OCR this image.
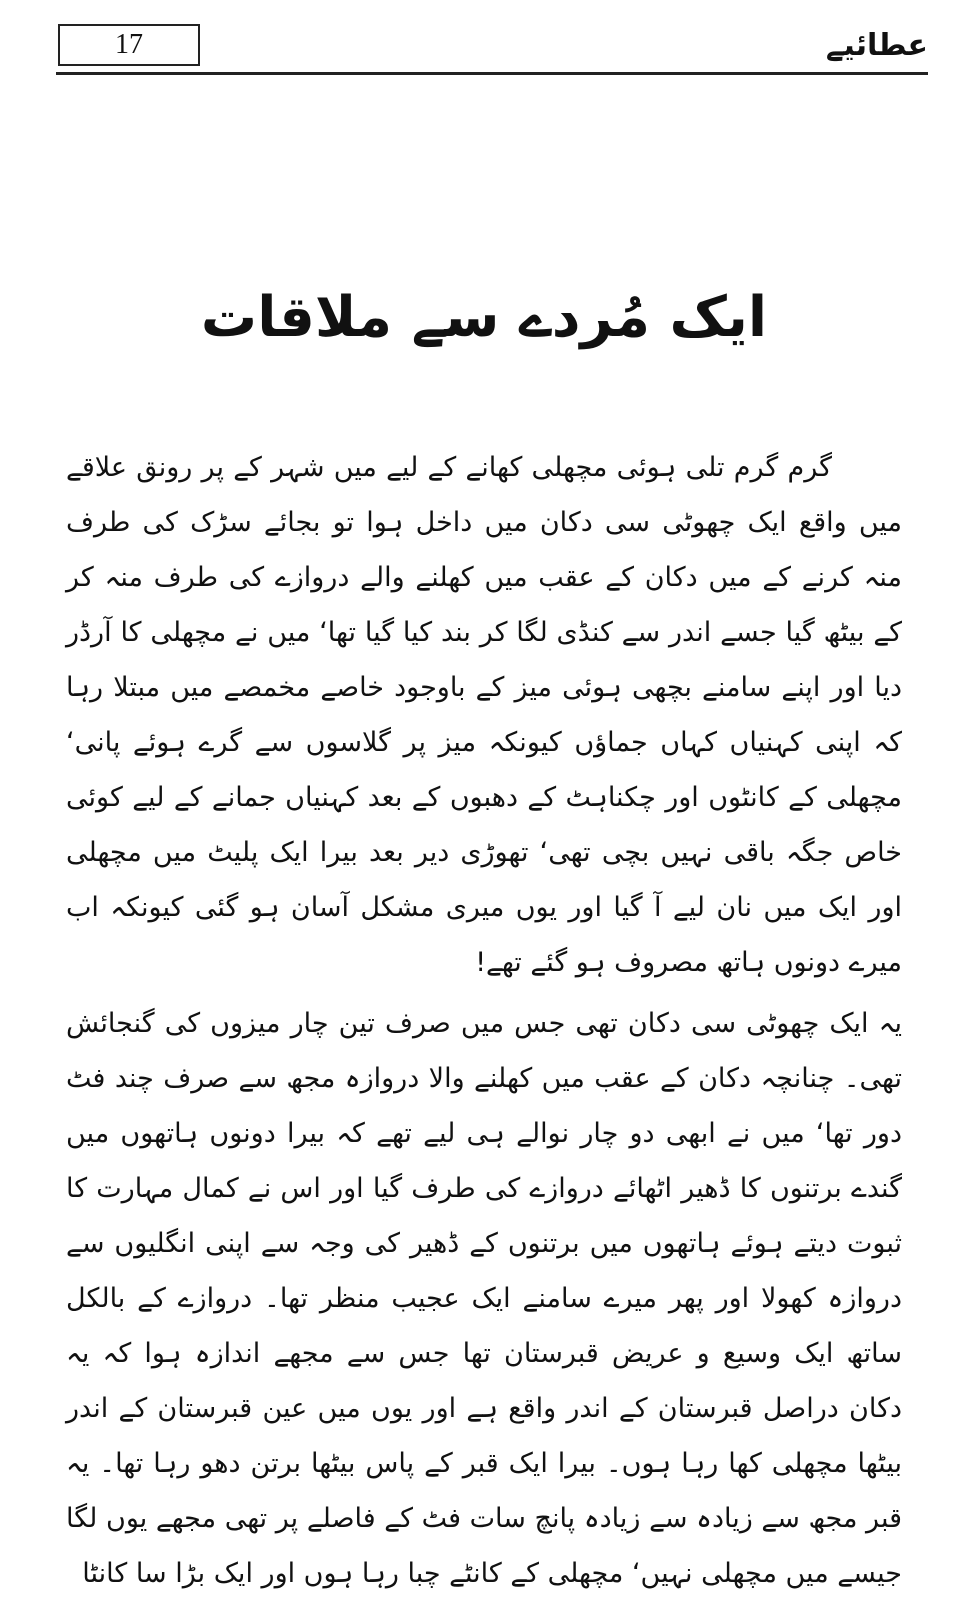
17	عطائیے
ایک مُردے سے ملاقات

گرم گرم تلی ہوئی مچھلی کھانے کے لیے میں شہر کے پر رونق علاقے میں واقع ایک چھوٹی سی دکان میں داخل ہوا تو بجائے سڑک کی طرف منہ کرنے کے میں دکان کے عقب میں کھلنے والے دروازے کی طرف منہ کر کے بیٹھ گیا جسے اندر سے کنڈی لگا کر بند کیا گیا تھا‘ میں نے مچھلی کا آرڈر دیا اور اپنے سامنے بچھی ہوئی میز کے باوجود خاصے مخمصے میں مبتلا رہا کہ اپنی کہنیاں کہاں جماؤں کیونکہ میز پر گلاسوں سے گرے ہوئے پانی‘ مچھلی کے کانٹوں اور چکناہٹ کے دھبوں کے بعد کہنیاں جمانے کے لیے کوئی خاص جگہ باقی نہیں بچی تھی‘ تھوڑی دیر بعد بیرا ایک پلیٹ میں مچھلی اور ایک میں نان لیے آ گیا اور یوں میری مشکل آسان ہو گئی کیونکہ اب میرے دونوں ہاتھ مصروف ہو گئے تھے!

یہ ایک چھوٹی سی دکان تھی جس میں صرف تین چار میزوں کی گنجائش تھی۔ چنانچہ دکان کے عقب میں کھلنے والا دروازہ مجھ سے صرف چند فٹ دور تھا‘ میں نے ابھی دو چار نوالے ہی لیے تھے کہ بیرا دونوں ہاتھوں میں گندے برتنوں کا ڈھیر اٹھائے دروازے کی طرف گیا اور اس نے کمال مہارت کا ثبوت دیتے ہوئے ہاتھوں میں برتنوں کے ڈھیر کی وجہ سے اپنی انگلیوں سے دروازہ کھولا اور پھر میرے سامنے ایک عجیب منظر تھا۔ دروازے کے بالکل ساتھ ایک وسیع و عریض قبرستان تھا جس سے مجھے اندازہ ہوا کہ یہ دکان دراصل قبرستان کے اندر واقع ہے اور یوں میں عین قبرستان کے اندر بیٹھا مچھلی کھا رہا ہوں۔ بیرا ایک قبر کے پاس بیٹھا برتن دھو رہا تھا۔ یہ قبر مجھ سے زیادہ سے زیادہ پانچ سات فٹ کے فاصلے پر تھی مجھے یوں لگا جیسے میں مچھلی نہیں‘ مچھلی کے کانٹے چبا رہا ہوں اور ایک بڑا سا کانٹا
